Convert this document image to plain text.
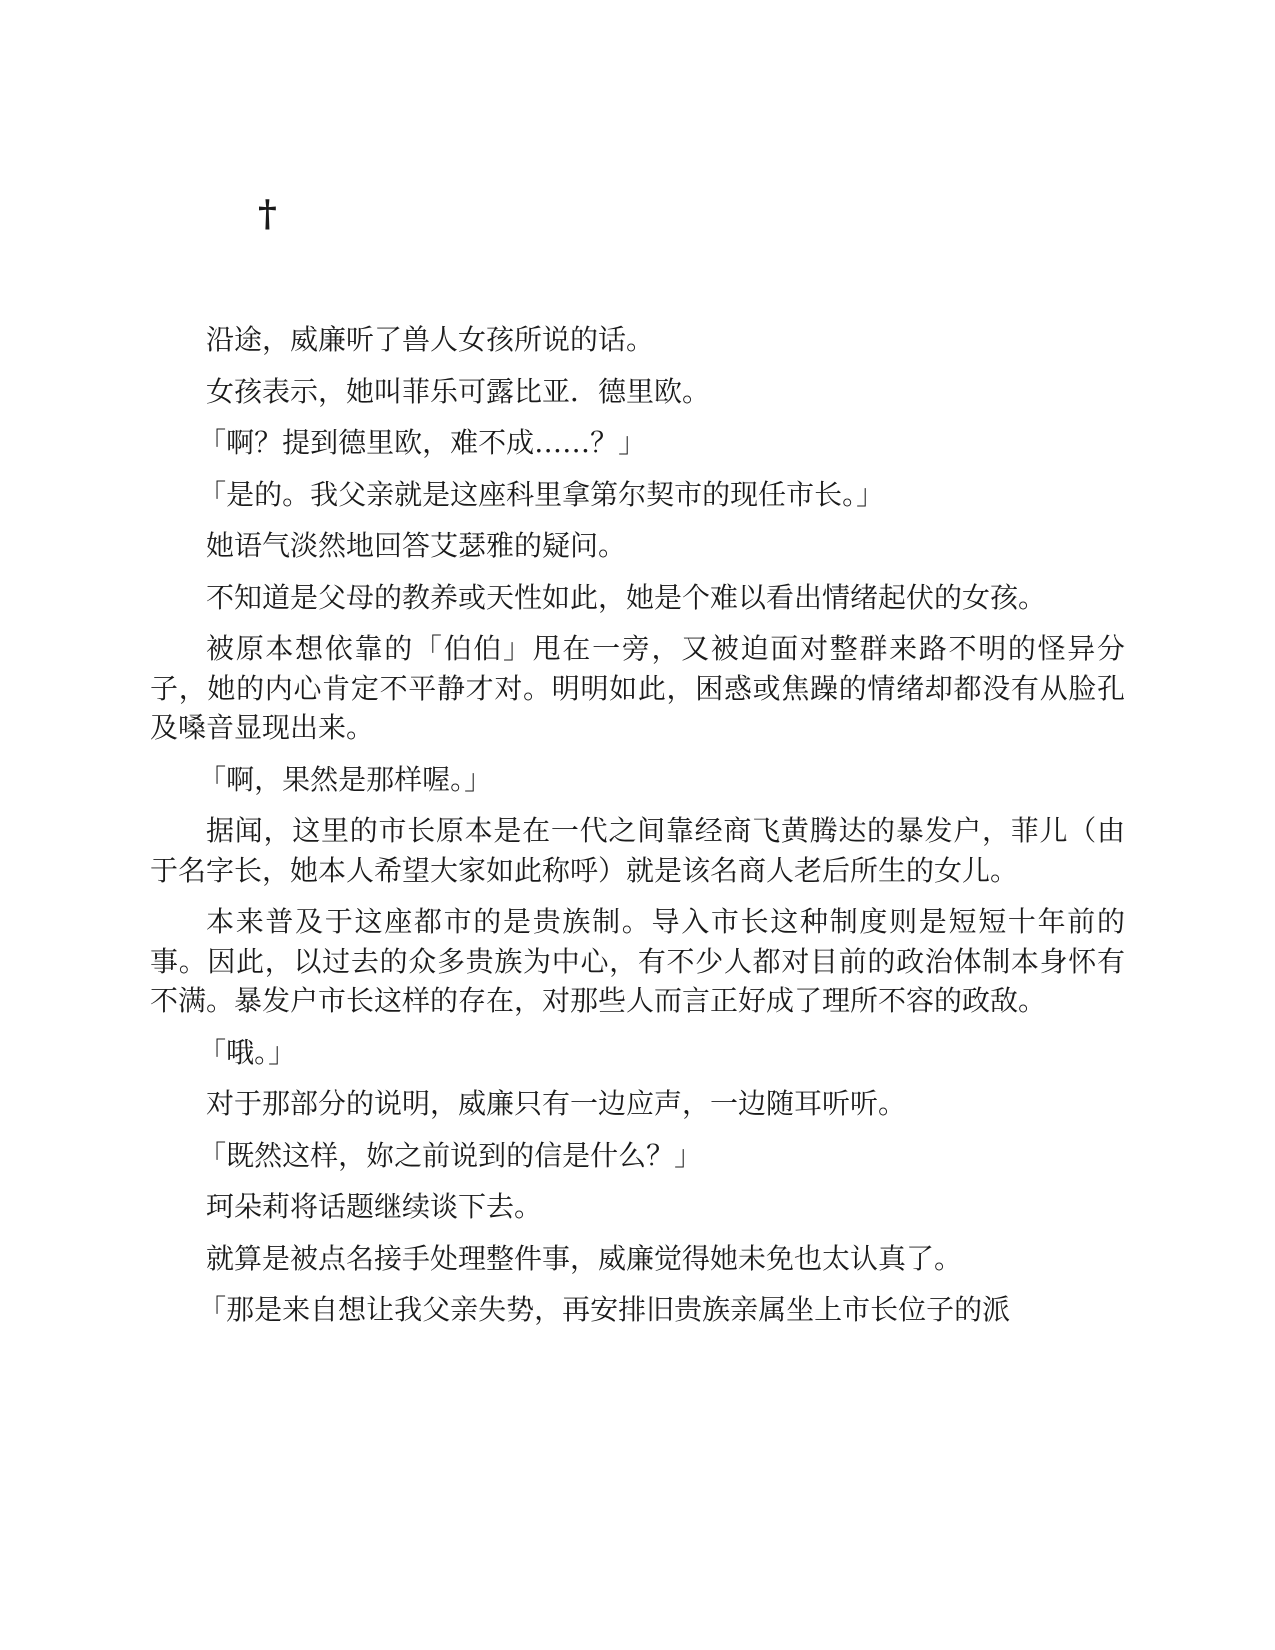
†

沿途，威廉听了兽人女孩所说的话。

女孩表示，她叫菲乐可露比亚．德里欧。

「啊？提到德里欧，难不成……？」

「是的。我父亲就是这座科里拿第尔契市的现任市长。」

她语气淡然地回答艾瑟雅的疑问。

不知道是父母的教养或天性如此，她是个难以看出情绪起伏的女孩。

被原本想依靠的「伯伯」甩在一旁，又被迫面对整群来路不明的怪异分子，她的内心肯定不平静才对。明明如此，困惑或焦躁的情绪却都没有从脸孔及嗓音显现出来。

「啊，果然是那样喔。」

据闻，这里的市长原本是在一代之间靠经商飞黄腾达的暴发户，菲儿（由于名字长，她本人希望大家如此称呼）就是该名商人老后所生的女儿。

本来普及于这座都市的是贵族制。导入市长这种制度则是短短十年前的事。因此，以过去的众多贵族为中心，有不少人都对目前的政治体制本身怀有不满。暴发户市长这样的存在，对那些人而言正好成了理所不容的政敌。

「哦。」

对于那部分的说明，威廉只有一边应声，一边随耳听听。

「既然这样，妳之前说到的信是什么？」

珂朵莉将话题继续谈下去。

就算是被点名接手处理整件事，威廉觉得她未免也太认真了。

「那是来自想让我父亲失势，再安排旧贵族亲属坐上市长位子的派
